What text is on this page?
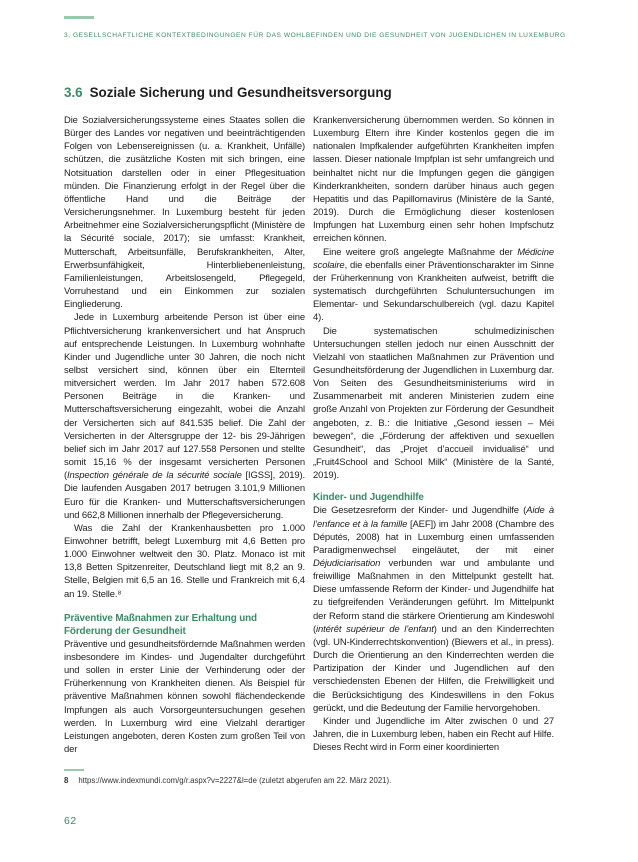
3. GESELLSCHAFTLICHE KONTEXTBEDINGUNGEN FÜR DAS WOHLBEFINDEN UND DIE GESUNDHEIT VON JUGENDLICHEN IN LUXEMBURG
3.6 Soziale Sicherung und Gesundheitsversorgung

Die Sozialversicherungssysteme eines Staates sollen die Bürger des Landes vor negativen und beeinträchtigenden Folgen von Lebensereignissen (u. a. Krankheit, Unfälle) schützen, die zusätzliche Kosten mit sich bringen, eine Notsituation darstellen oder in einer Pflegesituation münden. Die Finanzierung erfolgt in der Regel über die öffentliche Hand und die Beiträge der Versicherungsnehmer. In Luxemburg besteht für jeden Arbeitnehmer eine Sozialversicherungspflicht (Ministère de la Sécurité sociale, 2017); sie umfasst: Krankheit, Mutterschaft, Arbeitsunfälle, Berufskrankheiten, Alter, Erwerbsunfähigkeit, Hinterbliebenenleistung, Familienleistungen, Arbeitslosengeld, Pflegegeld, Vorruhestand und ein Einkommen zur sozialen Eingliederung.

Jede in Luxemburg arbeitende Person ist über eine Pflichtversicherung krankenversichert und hat Anspruch auf entsprechende Leistungen. In Luxemburg wohnhafte Kinder und Jugendliche unter 30 Jahren, die noch nicht selbst versichert sind, können über ein Elternteil mitversichert werden. Im Jahr 2017 haben 572.608 Personen Beiträge in die Kranken- und Mutterschaftsversicherung eingezahlt, wobei die Anzahl der Versicherten sich auf 841.535 belief. Die Zahl der Versicherten in der Altersgruppe der 12- bis 29-Jährigen belief sich im Jahr 2017 auf 127.558 Personen und stellte somit 15,16 % der insgesamt versicherten Personen (Inspection générale de la sécurité sociale [IGSS], 2019). Die laufenden Ausgaben 2017 betrugen 3.101,9 Millionen Euro für die Kranken- und Mutterschaftsversicherungen und 662,8 Millionen innerhalb der Pflegeversicherung.

Was die Zahl der Krankenhausbetten pro 1.000 Einwohner betrifft, belegt Luxemburg mit 4,6 Betten pro 1.000 Einwohner weltweit den 30. Platz. Monaco ist mit 13,8 Betten Spitzenreiter, Deutschland liegt mit 8,2 an 9. Stelle, Belgien mit 6,5 an 16. Stelle und Frankreich mit 6,4 an 19. Stelle.⁸

Präventive Maßnahmen zur Erhaltung und Förderung der Gesundheit

Präventive und gesundheitsfördernde Maßnahmen werden insbesondere im Kindes- und Jugendalter durchgeführt und sollen in erster Linie der Verhinderung oder der Früherkennung von Krankheiten dienen. Als Beispiel für präventive Maßnahmen können sowohl flächendeckende Impfungen als auch Vorsorgeuntersuchungen gesehen werden. In Luxemburg wird eine Vielzahl derartiger Leistungen angeboten, deren Kosten zum großen Teil von der

Krankenversicherung übernommen werden. So können in Luxemburg Eltern ihre Kinder kostenlos gegen die im nationalen Impfkalender aufgeführten Krankheiten impfen lassen. Dieser nationale Impfplan ist sehr umfangreich und beinhaltet nicht nur die Impfungen gegen die gängigen Kinderkrankheiten, sondern darüber hinaus auch gegen Hepatitis und das Papillomavirus (Ministère de la Santé, 2019). Durch die Ermöglichung dieser kostenlosen Impfungen hat Luxemburg einen sehr hohen Impfschutz erreichen können.

Eine weitere groß angelegte Maßnahme der Médicine scolaire, die ebenfalls einer Präventionscharakter im Sinne der Früherkennung von Krankheiten aufweist, betrifft die systematisch durchgeführten Schuluntersuchungen im Elementar- und Sekundarschulbereich (vgl. dazu Kapitel 4).

Die systematischen schulmedizinischen Untersuchungen stellen jedoch nur einen Ausschnitt der Vielzahl von staatlichen Maßnahmen zur Prävention und Gesundheitsförderung der Jugendlichen in Luxemburg dar. Von Seiten des Gesundheitsministeriums wird in Zusammenarbeit mit anderen Ministerien zudem eine große Anzahl von Projekten zur Förderung der Gesundheit angeboten, z. B.: die Initiative „Gesond iessen – Méi bewegen“, die „Förderung der affektiven und sexuellen Gesundheit“, das „Projet d’accueil invidualisé“ und „Fruit4School and School Milk“ (Ministère de la Santé, 2019).

Kinder- und Jugendhilfe

Die Gesetzesreform der Kinder- und Jugendhilfe (Aide à l’enfance et à la famille [AEF]) im Jahr 2008 (Chambre des Députés, 2008) hat in Luxemburg einen umfassenden Paradigmenwechsel eingeläutet, der mit einer Déjudiciarisation verbunden war und ambulante und freiwillige Maßnahmen in den Mittelpunkt gestellt hat. Diese umfassende Reform der Kinder- und Jugendhilfe hat zu tiefgreifenden Veränderungen geführt. Im Mittelpunkt der Reform stand die stärkere Orientierung am Kindeswohl (intérêt supérieur de l’enfant) und an den Kinderrechten (vgl. UN-Kinderrechtskonvention) (Biewers et al., in press). Durch die Orientierung an den Kinderrechten werden die Partizipation der Kinder und Jugendlichen auf den verschiedensten Ebenen der Hilfen, die Freiwilligkeit und die Berücksichtigung des Kindeswillens in den Fokus gerückt, und die Bedeutung der Familie hervorgehoben.

Kinder und Jugendliche im Alter zwischen 0 und 27 Jahren, die in Luxemburg leben, haben ein Recht auf Hilfe. Dieses Recht wird in Form einer koordinierten

8 https://www.indexmundi.com/g/r.aspx?v=2227&l=de (zuletzt abgerufen am 22. März 2021).
62
